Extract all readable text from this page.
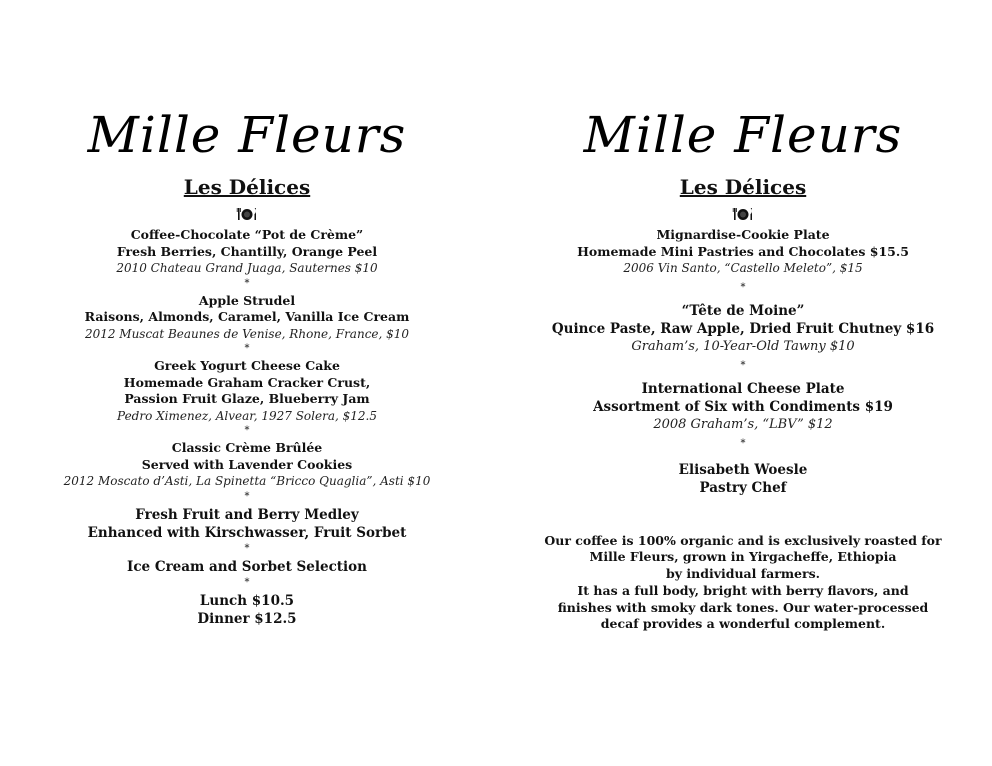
Mille Fleurs
Les Délices
Coffee-Chocolate “Pot de Crème”
Fresh Berries, Chantilly, Orange Peel
2010 Chateau Grand Juaga, Sauternes $10
*
Apple Strudel
Raisons, Almonds, Caramel, Vanilla Ice Cream
2012 Muscat Beaunes de Venise, Rhone, France, $10
*
Greek Yogurt Cheese Cake
Homemade Graham Cracker Crust,
Passion Fruit Glaze, Blueberry Jam
Pedro Ximenez, Alvear, 1927 Solera, $12.5
*
Classic Crème Brûlée
Served with Lavender Cookies
2012 Moscato d’Asti, La Spinetta “Bricco Quaglia”, Asti $10
*
Fresh Fruit and Berry Medley
Enhanced with Kirschwasser, Fruit Sorbet
*
Ice Cream and Sorbet Selection
*
Lunch $10.5
Dinner $12.5
Mille Fleurs
Les Délices
Mignardise-Cookie Plate
Homemade Mini Pastries and Chocolates $15.5
2006 Vin Santo, “Castello Meleto”, $15
*
“Tête de Moine”
Quince Paste, Raw Apple, Dried Fruit Chutney $16
Graham’s, 10-Year-Old Tawny $10
*
International Cheese Plate
Assortment of Six with Condiments $19
2008 Graham’s, “LBV” $12
*
Elisabeth Woesle
Pastry Chef
Our coffee is 100% organic and is exclusively roasted for
Mille Fleurs, grown in Yirgacheffe, Ethiopia
by individual farmers.
It has a full body, bright with berry flavors, and
finishes with smoky dark tones. Our water-processed
decaf provides a wonderful complement.
